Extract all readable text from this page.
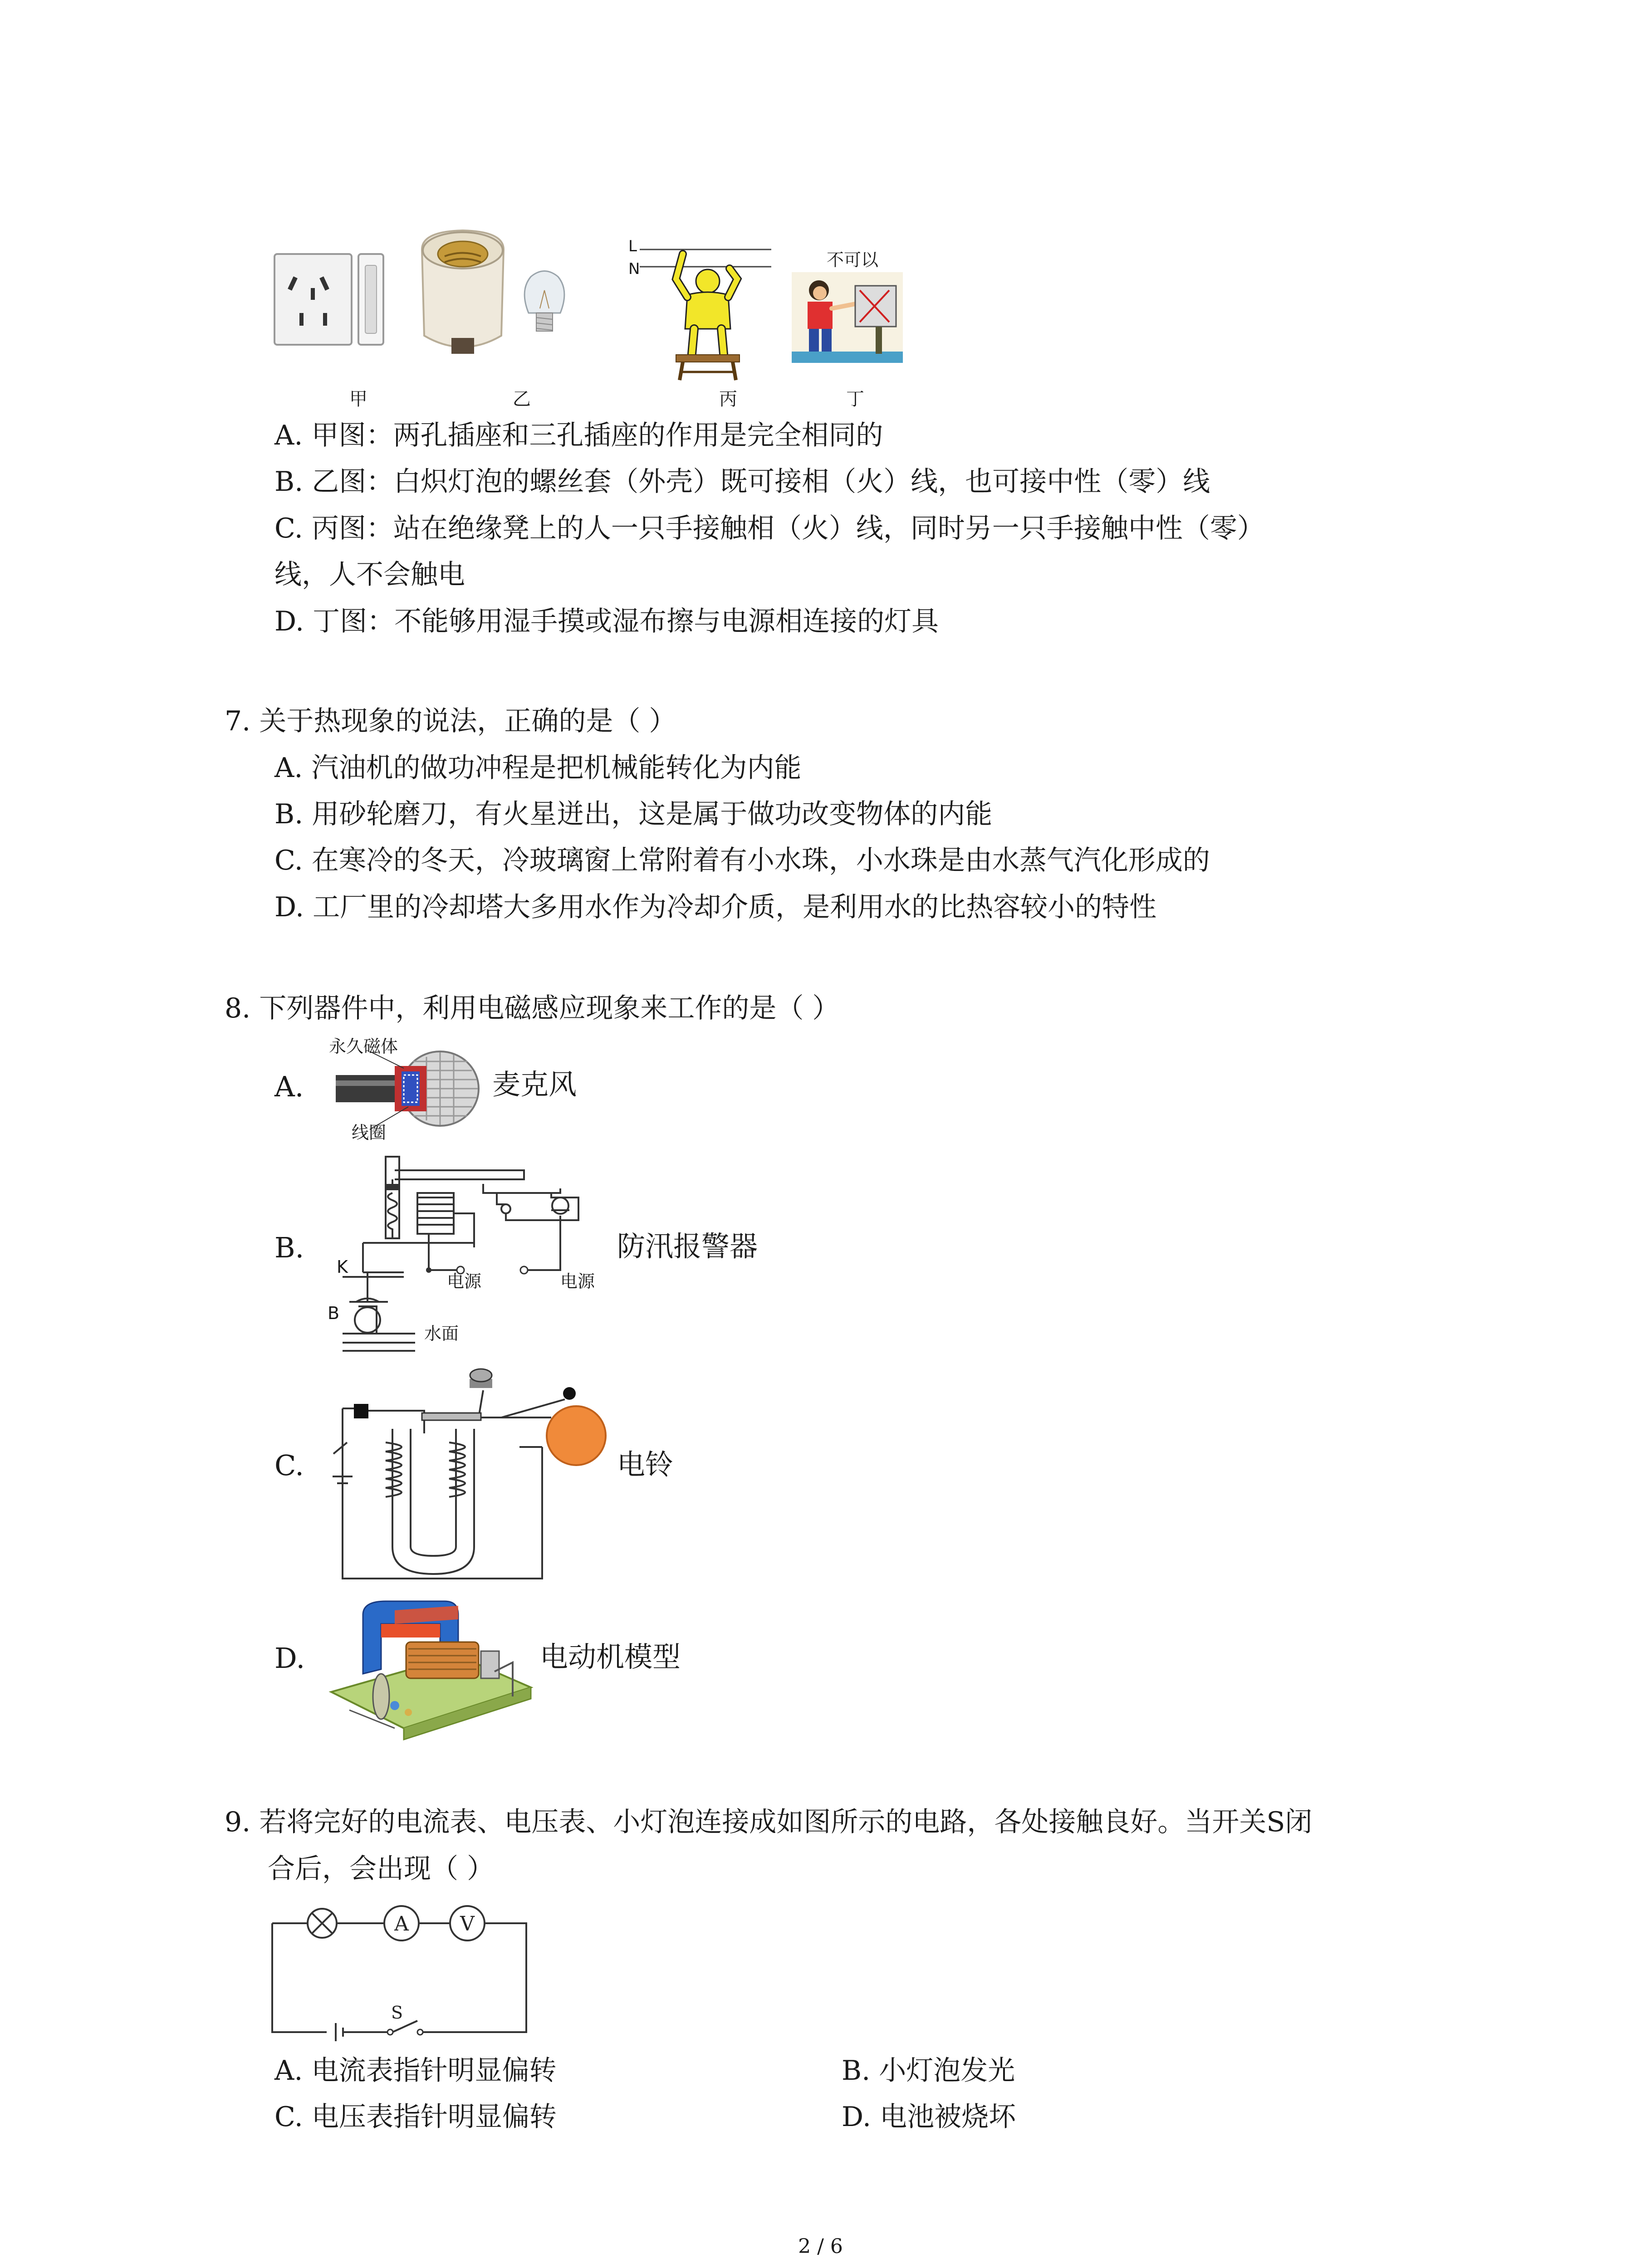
甲	乙
L
N
丙
不可以
丁
A. 甲图：两孔插座和三孔插座的作用是完全相同的
B. 乙图：白炽灯泡的螺丝套（外壳）既可接相（火）线，也可接中性（零）线
C. 丙图：站在绝缘凳上的人一只手接触相（火）线，同时另一只手接触中性（零）
线，人不会触电
D. 丁图：不能够用湿手摸或湿布擦与电源相连接的灯具
7. 关于热现象的说法，正确的是（ ）
A. 汽油机的做功冲程是把机械能转化为内能
B. 用砂轮磨刀，有火星迸出，这是属于做功改变物体的内能
C. 在寒冷的冬天，冷玻璃窗上常附着有小水珠，小水珠是由水蒸气汽化形成的
D. 工厂里的冷却塔大多用水作为冷却介质，是利用水的比热容较小的特性
8. 下列器件中，利用电磁感应现象来工作的是（ ）
A.
永久磁体
线圈
麦克风
B.	防汛报警器
电源	电源
K
B
水面
C.	电铃
D.	电动机模型
9. 若将完好的电流表、电压表、小灯泡连接成如图所示的电路，各处接触良好。当开关S闭
合后，会出现（ ）
A	V
S
A. 电流表指针明显偏转	B. 小灯泡发光
C. 电压表指针明显偏转	D. 电池被烧坏
2 / 6
